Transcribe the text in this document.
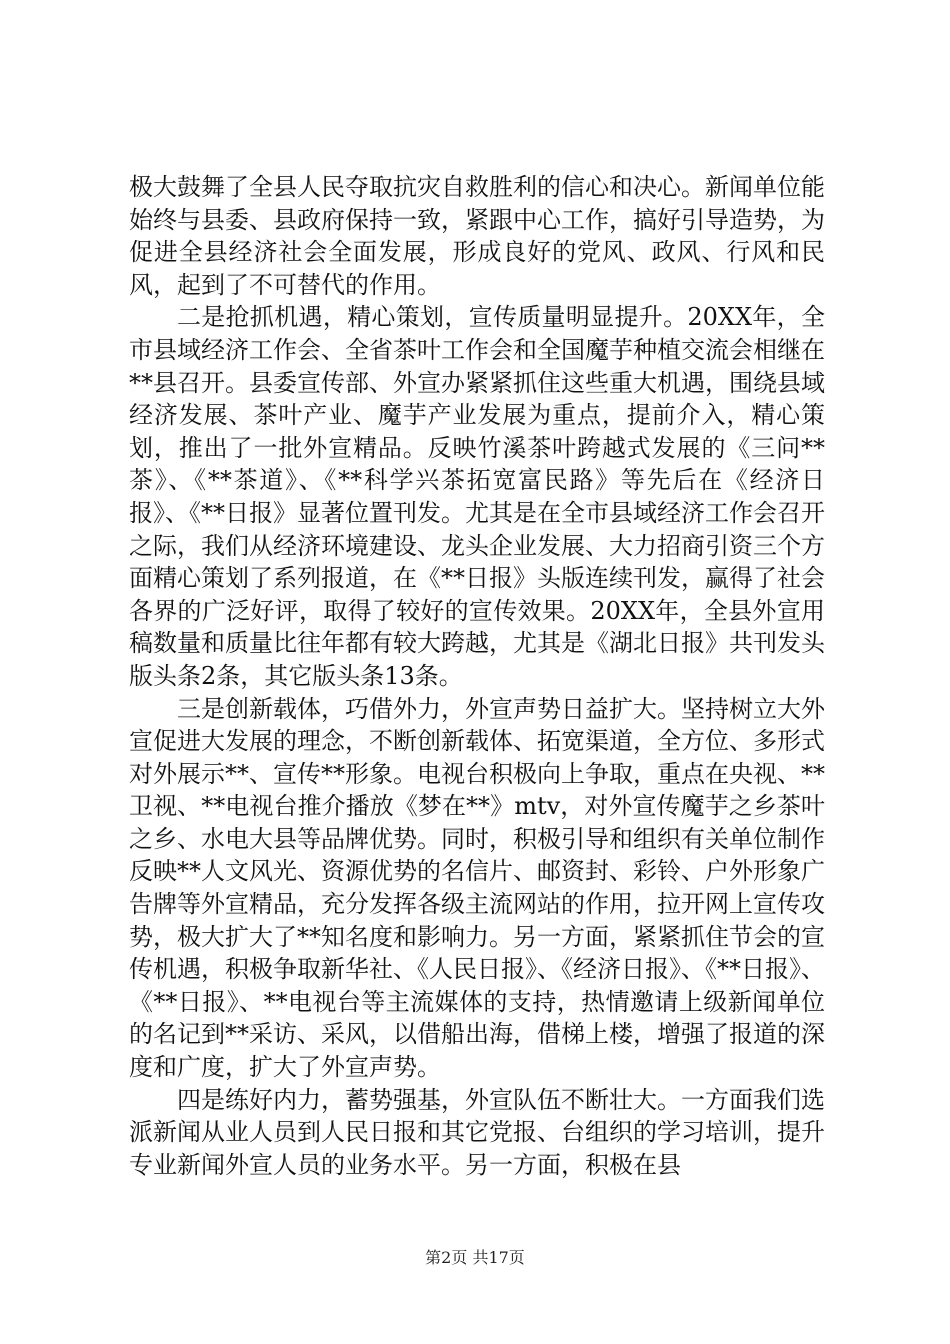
极大鼓舞了全县人民夺取抗灾自救胜利的信心和决心。新闻单位能始终与县委、县政府保持一致，紧跟中心工作，搞好引导造势，为促进全县经济社会全面发展，形成良好的党风、政风、行风和民风，起到了不可替代的作用。

二是抢抓机遇，精心策划，宣传质量明显提升。20XX年，全市县域经济工作会、全省茶叶工作会和全国魔芋种植交流会相继在**县召开。县委宣传部、外宣办紧紧抓住这些重大机遇，围绕县域经济发展、茶叶产业、魔芋产业发展为重点，提前介入，精心策划，推出了一批外宣精品。反映竹溪茶叶跨越式发展的《三问**茶》、《**茶道》、《**科学兴茶拓宽富民路》等先后在《经济日报》、《**日报》显著位置刊发。尤其是在全市县域经济工作会召开之际，我们从经济环境建设、龙头企业发展、大力招商引资三个方面精心策划了系列报道，在《**日报》头版连续刊发，赢得了社会各界的广泛好评，取得了较好的宣传效果。20XX年，全县外宣用稿数量和质量比往年都有较大跨越，尤其是《湖北日报》共刊发头版头条2条，其它版头条13条。

三是创新载体，巧借外力，外宣声势日益扩大。坚持树立大外宣促进大发展的理念，不断创新载体、拓宽渠道，全方位、多形式对外展示**、宣传**形象。电视台积极向上争取，重点在央视、**卫视、**电视台推介播放《梦在**》mtv，对外宣传魔芋之乡茶叶之乡、水电大县等品牌优势。同时，积极引导和组织有关单位制作反映**人文风光、资源优势的名信片、邮资封、彩铃、户外形象广告牌等外宣精品，充分发挥各级主流网站的作用，拉开网上宣传攻势，极大扩大了**知名度和影响力。另一方面，紧紧抓住节会的宣传机遇，积极争取新华社、《人民日报》、《经济日报》、《**日报》、《**日报》、**电视台等主流媒体的支持，热情邀请上级新闻单位的名记到**采访、采风，以借船出海，借梯上楼，增强了报道的深度和广度，扩大了外宣声势。

四是练好内力，蓄势强基，外宣队伍不断壮大。一方面我们选派新闻从业人员到人民日报和其它党报、台组织的学习培训，提升专业新闻外宣人员的业务水平。另一方面，积极在县

第2页 共17页
